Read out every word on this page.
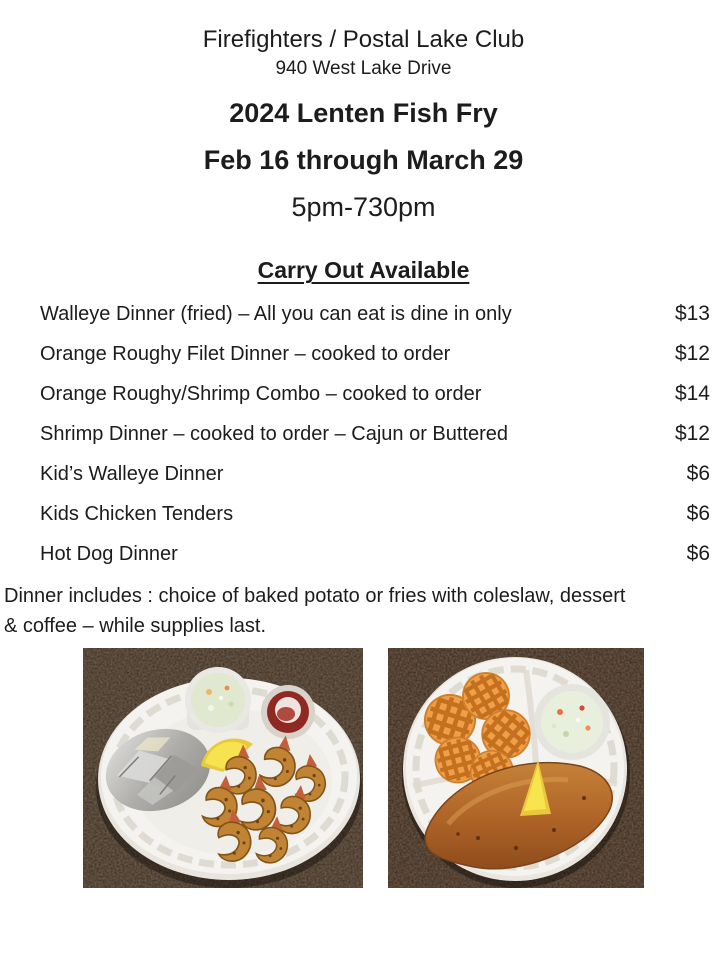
Firefighters / Postal Lake Club
940 West Lake Drive
2024 Lenten Fish Fry
Feb 16 through March 29
5pm-730pm
Carry Out Available
Walleye Dinner (fried) – All you can eat is dine in only	$13
Orange Roughy Filet Dinner – cooked to order	$12
Orange Roughy/Shrimp Combo – cooked to order	$14
Shrimp Dinner – cooked to order – Cajun or Buttered	$12
Kid’s Walleye Dinner	$6
Kids Chicken Tenders	$6
Hot Dog Dinner	$6
Dinner includes : choice of baked potato or fries with coleslaw, dessert
& coffee – while supplies last.
